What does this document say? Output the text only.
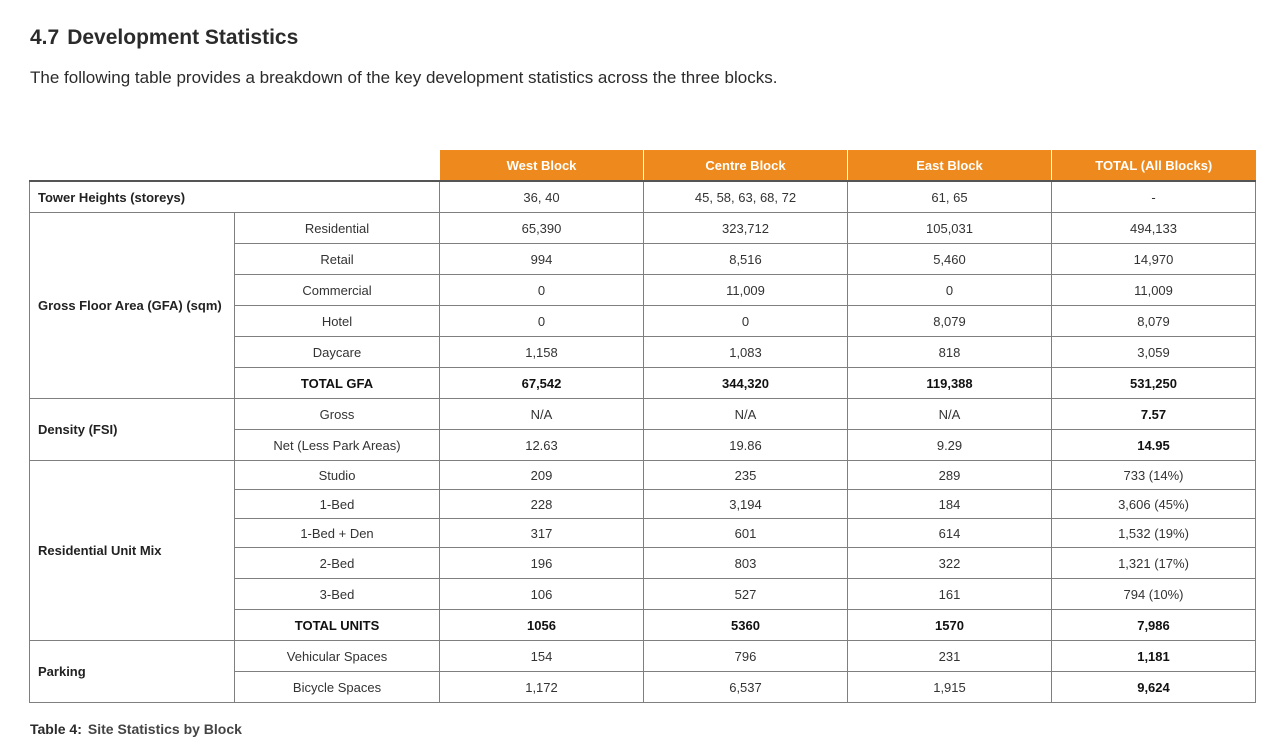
4.7 Development Statistics

The following table provides a breakdown of the key development statistics across the three blocks.

		West Block	Centre Block	East Block	TOTAL (All Blocks)
Tower Heights (storeys)		36, 40	45, 58, 63, 68, 72	61, 65	-
Gross Floor Area (GFA) (sqm)	Residential	65,390	323,712	105,031	494,133
	Retail	994	8,516	5,460	14,970
	Commercial	0	11,009	0	11,009
	Hotel	0	0	8,079	8,079
	Daycare	1,158	1,083	818	3,059
	TOTAL GFA	67,542	344,320	119,388	531,250
Density (FSI)	Gross	N/A	N/A	N/A	7.57
	Net (Less Park Areas)	12.63	19.86	9.29	14.95
Residential Unit Mix	Studio	209	235	289	733 (14%)
	1-Bed	228	3,194	184	3,606 (45%)
	1-Bed + Den	317	601	614	1,532 (19%)
	2-Bed	196	803	322	1,321 (17%)
	3-Bed	106	527	161	794 (10%)
	TOTAL UNITS	1056	5360	1570	7,986
Parking	Vehicular Spaces	154	796	231	1,181
	Bicycle Spaces	1,172	6,537	1,915	9,624

Table 4: Site Statistics by Block
